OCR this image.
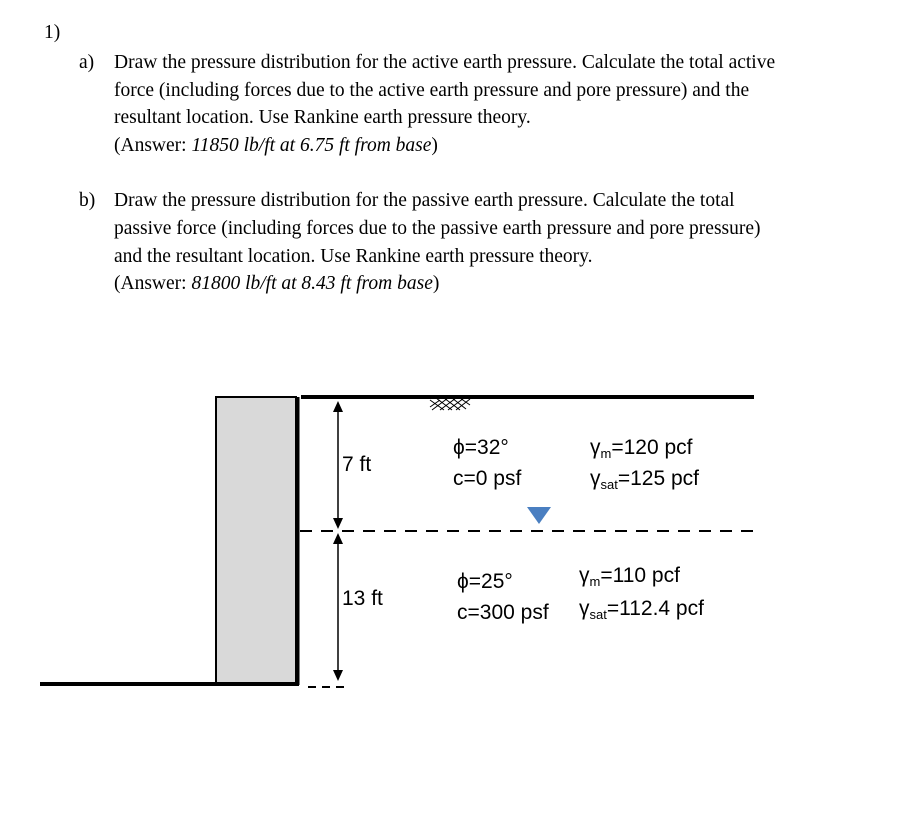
1)
a) Draw the pressure distribution for the active earth pressure. Calculate the total active
force (including forces due to the active earth pressure and pore pressure) and the
resultant location. Use Rankine earth pressure theory.
(Answer: 11850 lb/ft at 6.75 ft from base)
b) Draw the pressure distribution for the passive earth pressure. Calculate the total
passive force (including forces due to the passive earth pressure and pore pressure)
and the resultant location. Use Rankine earth pressure theory.
(Answer: 81800 lb/ft at 8.43 ft from base)
7 ft
13 ft
ϕ=32°
c=0 psf
$\gamma_m=120$ pcf
$\gamma_{sat}=125$ pcf
ϕ=25°
c=300 psf
$\gamma_m=110$ pcf
$\gamma_{sat}=112.4$ pcf
